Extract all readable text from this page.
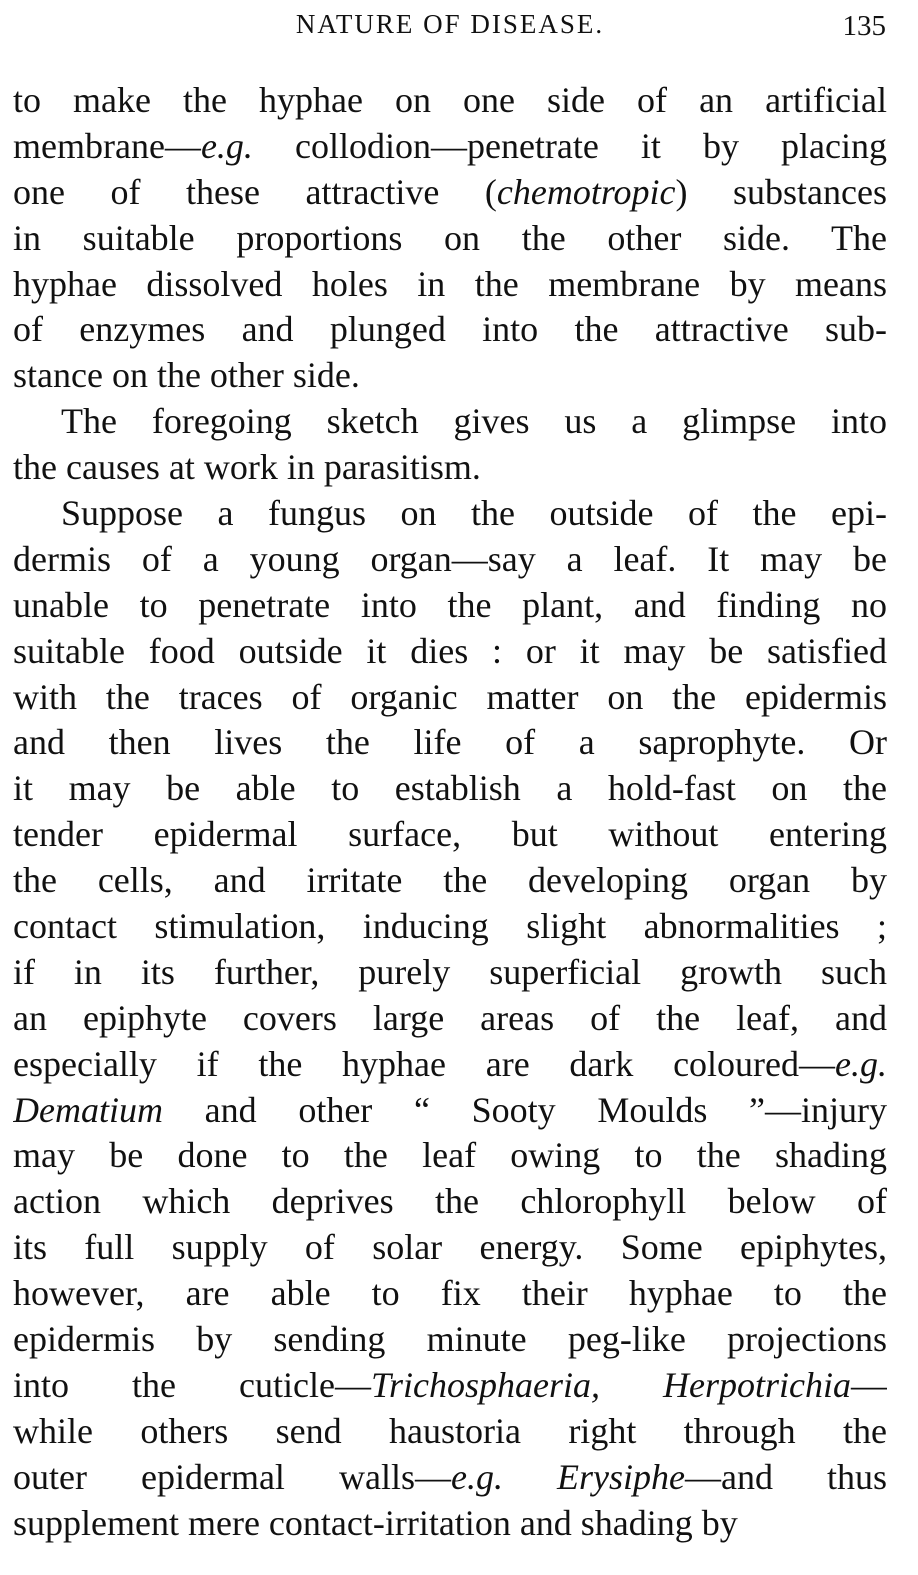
NATURE OF DISEASE.	135
to make the hyphae on one side of an artificial
membrane—e.g. collodion—penetrate it by placing
one of these attractive (chemotropic) substances
in suitable proportions on the other side. The
hyphae dissolved holes in the membrane by means
of enzymes and plunged into the attractive sub-
stance on the other side.
The foregoing sketch gives us a glimpse into
the causes at work in parasitism.
Suppose a fungus on the outside of the epi-
dermis of a young organ—say a leaf. It may be
unable to penetrate into the plant, and finding no
suitable food outside it dies : or it may be satisfied
with the traces of organic matter on the epidermis
and then lives the life of a saprophyte. Or
it may be able to establish a hold-fast on the
tender epidermal surface, but without entering
the cells, and irritate the developing organ by
contact stimulation, inducing slight abnormalities ;
if in its further, purely superficial growth such
an epiphyte covers large areas of the leaf, and
especially if the hyphae are dark coloured—e.g.
Dematium and other “ Sooty Moulds ”—injury
may be done to the leaf owing to the shading
action which deprives the chlorophyll below of
its full supply of solar energy. Some epiphytes,
however, are able to fix their hyphae to the
epidermis by sending minute peg-like projections
into the cuticle—Trichosphaeria, Herpotrichia—
while others send haustoria right through the
outer epidermal walls—e.g. Erysiphe—and thus
supplement mere contact-irritation and shading by
